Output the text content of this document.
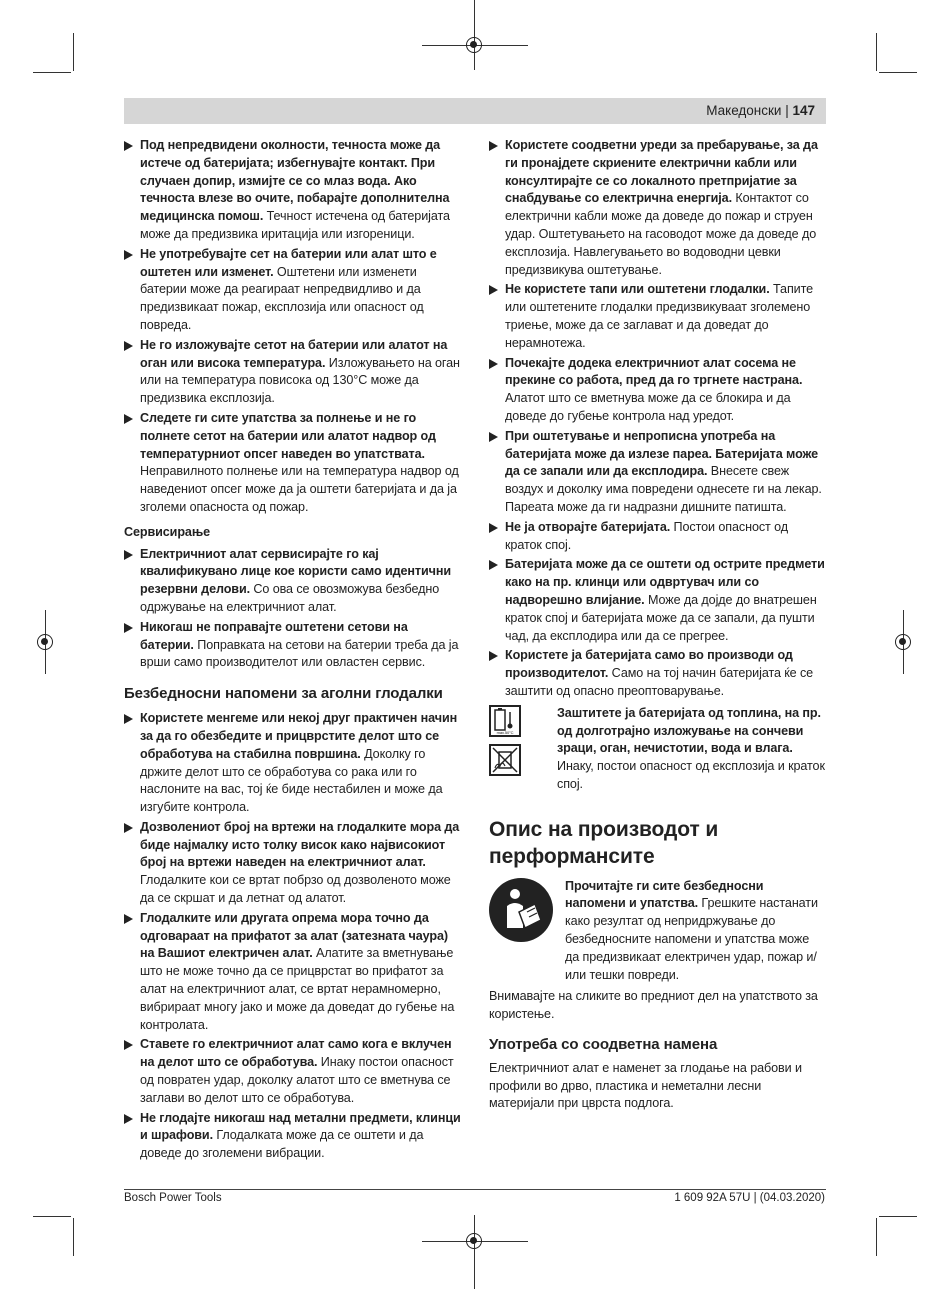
Македонски | 147
Под непредвидени околности, течноста може да истече од батеријата; избегнувајте контакт. При случаен допир, измијте се со млаз вода. Ако течноста влезе во очите, побарајте дополнителна медицинска помош. Течност истечена од батеријата може да предизвика иритација или изгореници.
Не употребувајте сет на батерии или алат што е оштетен или изменет. Оштетени или изменети батерии може да реагираат непредвидливо и да предизвикаат пожар, експлозија или опасност од повреда.
Не го изложувајте сетот на батерии или алатот на оган или висока температура. Изложувањето на оган или на температура повисока од 130°C може да предизвика експлозија.
Следете ги сите упатства за полнење и не го полнете сетот на батерии или алатот надвор од температурниот опсег наведен во упатствата. Неправилното полнење или на температура надвор од наведениот опсег може да ја оштети батеријата и да ја зголеми опасноста од пожар.
Сервисирање
Електричниот алат сервисирајте го кај квалификувано лице кое користи само идентични резервни делови. Со ова се овозможува безбедно одржување на електричниот алат.
Никогаш не поправајте оштетени сетови на батерии. Поправката на сетови на батерии треба да ја врши само производителот или овластен сервис.
Безбедносни напомени за аголни глодалки
Користете менгеме или некој друг практичен начин за да го обезбедите и прицврстите делот што се обработува на стабилна површина. Доколку го држите делот што се обработува со рака или го наслоните на вас, тој ќе биде нестабилен и може да изгубите контрола.
Дозволениот број на вртежи на глодалките мора да биде најмалку исто толку висок како највисокиот број на вртежи наведен на електричниот алат. Глодалките кои се вртат побрзо од дозволеното може да се скршат и да летнат од алатот.
Глодалките или другата опрема мора точно да одговараат на прифатот за алат (затезната чаура) на Вашиот електричен алат. Алатите за вметнување што не може точно да се прицврстат во прифатот за алат на електричниот алат, се вртат нерамномерно, вибрираат многу јако и може да доведат до губење на контролата.
Ставете го електричниот алат само кога е вклучен на делот што се обработува. Инаку постои опасност од повратен удар, доколку алатот што се вметнува се заглави во делот што се обработува.
Не глодајте никогаш над метални предмети, клинци и шрафови. Глодалката може да се оштети и да доведе до зголемени вибрации.
Користете соодветни уреди за пребарување, за да ги пронајдете скриените електрични кабли или консултирајте се со локалното претпријатие за снабдување со електрична енергија. Контактот со електрични кабли може да доведе до пожар и струен удар. Оштетувањето на гасоводот може да доведе до експлозија. Навлегувањето во водоводни цевки предизвикува оштетување.
Не користете тапи или оштетени глодалки. Тапите или оштетените глодалки предизвикуваат зголемено триење, може да се заглават и да доведат до нерамнотежа.
Почекајте додека електричниот алат сосема не прекине со работа, пред да го тргнете настрана. Алатот што се вметнува може да се блокира и да доведе до губење контрола над уредот.
При оштетување и непрописна употреба на батеријата може да излезе пареа. Батеријата може да се запали или да експлодира. Внесете свеж воздух и доколку има повредени однесете ги на лекар. Пареата може да ги надразни дишните патишта.
Не ја отворајте батеријата. Постои опасност од краток спој.
Батеријата може да се оштети од острите предмети како на пр. клинци или одвртувач или со надворешно влијание. Може да дојде до внатрешен краток спој и батеријата може да се запали, да пушти чад, да експлодира или да се прегрее.
Користете ја батеријата само во производи од производителот. Само на тој начин батеријата ќе се заштити од опасно преоптоварување.
max.50°C

Заштитете ја батеријата од топлина, на пр. од долготрајно изложување на сончеви зраци, оган, нечистотии, вода и влага. Инаку, постои опасност од експлозија и краток спој.
Опис на производот и перформансите
Прочитајте ги сите безбедносни напомени и упатства. Грешките настанати како резултат од непридржување до безбедносните напомени и упатства може да предизвикаат електричен удар, пожар и/или тешки повреди.

Внимавајте на сликите во предниот дел на упатството за користење.

Употреба со соодветна намена

Електричниот алат е наменет за глодање на рабови и профили во дрво, пластика и неметални лесни материјали при цврста подлога.

Bosch Power Tools	1 609 92A 57U | (04.03.2020)
